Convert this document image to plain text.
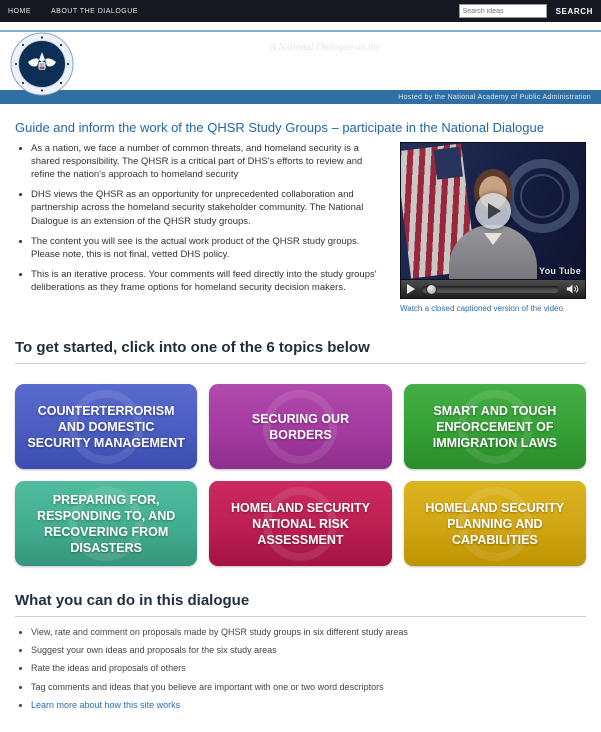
HOME	ABOUT THE DIALOGUE
Search ideas	SEARCH
A National Dialogue on the
QUADRENNIAL HOMELAND SECURITY REVIEW
Hosted by the National Academy of Public Administration
Guide and inform the work of the QHSR Study Groups – participate in the National Dialogue
• As a nation, we face a number of common threats, and homeland security is a shared responsibility. The QHSR is a critical part of DHS's efforts to review and refine the nation's approach to homeland security
• DHS views the QHSR as an opportunity for unprecedented collaboration and partnership across the homeland security stakeholder community. The National Dialogue is an extension of the QHSR study groups.
• The content you will see is the actual work product of the QHSR study groups. Please note, this is not final, vetted DHS policy.
• This is an iterative process. Your comments will feed directly into the study groups' deliberations as they frame options for homeland security decision makers.
You Tube
Watch a closed captioned version of the video.
To get started, click into one of the 6 topics below
COUNTERTERRORISM AND DOMESTIC SECURITY MANAGEMENT
SECURING OUR BORDERS
SMART AND TOUGH ENFORCEMENT OF IMMIGRATION LAWS
PREPARING FOR, RESPONDING TO, AND RECOVERING FROM DISASTERS
HOMELAND SECURITY NATIONAL RISK ASSESSMENT
HOMELAND SECURITY PLANNING AND CAPABILITIES
What you can do in this dialogue
• View, rate and comment on proposals made by QHSR study groups in six different study areas
• Suggest your own ideas and proposals for the six study areas
• Rate the ideas and proposals of others
• Tag comments and ideas that you believe are important with one or two word descriptors
• Learn more about how this site works
